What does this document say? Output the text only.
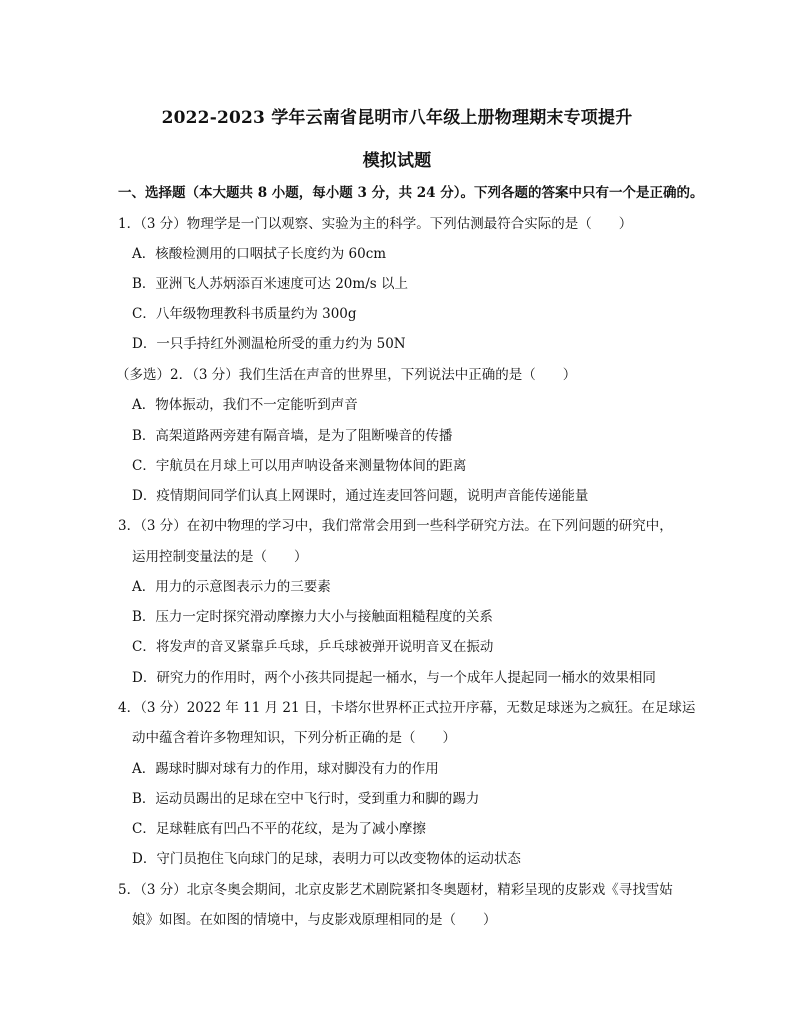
2022-2023 学年云南省昆明市八年级上册物理期末专项提升
模拟试题
一、选择题（本大题共 8 小题，每小题 3 分，共 24 分）。下列各题的答案中只有一个是正确的。
1．（3 分）物理学是一门以观察、实验为主的科学。下列估测最符合实际的是（　　）
A．核酸检测用的口咽拭子长度约为 60cm
B．亚洲飞人苏炳添百米速度可达 20m/s 以上
C．八年级物理教科书质量约为 300g
D．一只手持红外测温枪所受的重力约为 50N
（多选）2．（3 分）我们生活在声音的世界里，下列说法中正确的是（　　）
A．物体振动，我们不一定能听到声音
B．高架道路两旁建有隔音墙，是为了阻断噪音的传播
C．宇航员在月球上可以用声呐设备来测量物体间的距离
D．疫情期间同学们认真上网课时，通过连麦回答问题，说明声音能传递能量
3．（3 分）在初中物理的学习中，我们常常会用到一些科学研究方法。在下列问题的研究中，
运用控制变量法的是（　　）
A．用力的示意图表示力的三要素
B．压力一定时探究滑动摩擦力大小与接触面粗糙程度的关系
C．将发声的音叉紧靠乒乓球，乒乓球被弹开说明音叉在振动
D．研究力的作用时，两个小孩共同提起一桶水，与一个成年人提起同一桶水的效果相同
4．（3 分）2022 年 11 月 21 日，卡塔尔世界杯正式拉开序幕，无数足球迷为之疯狂。在足球运
动中蕴含着许多物理知识，下列分析正确的是（　　）
A．踢球时脚对球有力的作用，球对脚没有力的作用
B．运动员踢出的足球在空中飞行时，受到重力和脚的踢力
C．足球鞋底有凹凸不平的花纹，是为了减小摩擦
D．守门员抱住飞向球门的足球，表明力可以改变物体的运动状态
5．（3 分）北京冬奥会期间，北京皮影艺术剧院紧扣冬奥题材，精彩呈现的皮影戏《寻找雪姑
娘》如图。在如图的情境中，与皮影戏原理相同的是（　　）
